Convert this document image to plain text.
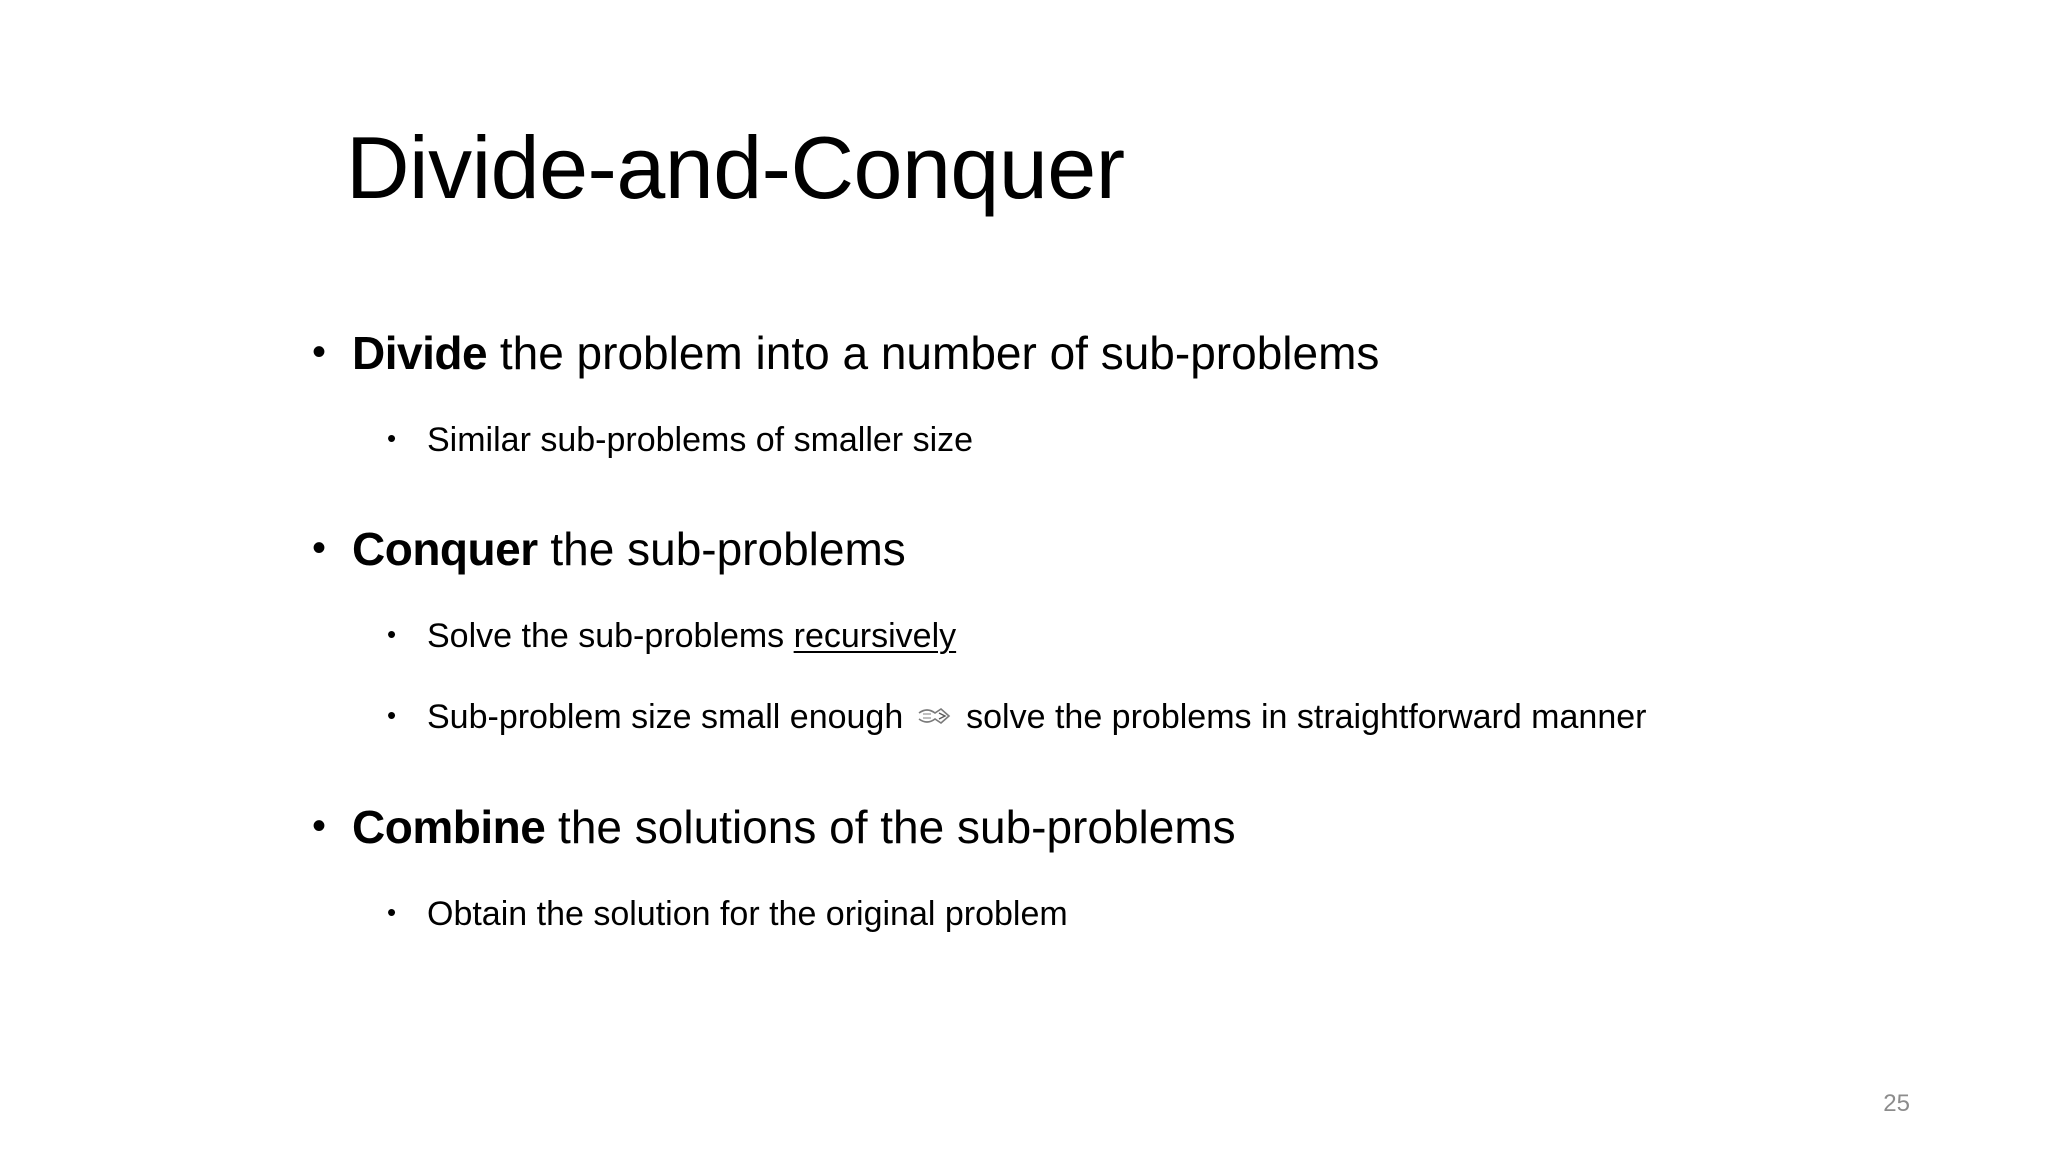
Divide-and-Conquer
• Divide the problem into a number of sub-problems
• Similar sub-problems of smaller size
• Conquer the sub-problems
• Solve the sub-problems recursively
• Sub-problem size small enough  solve the problems in straightforward manner
• Combine the solutions of the sub-problems
• Obtain the solution for the original problem
25
